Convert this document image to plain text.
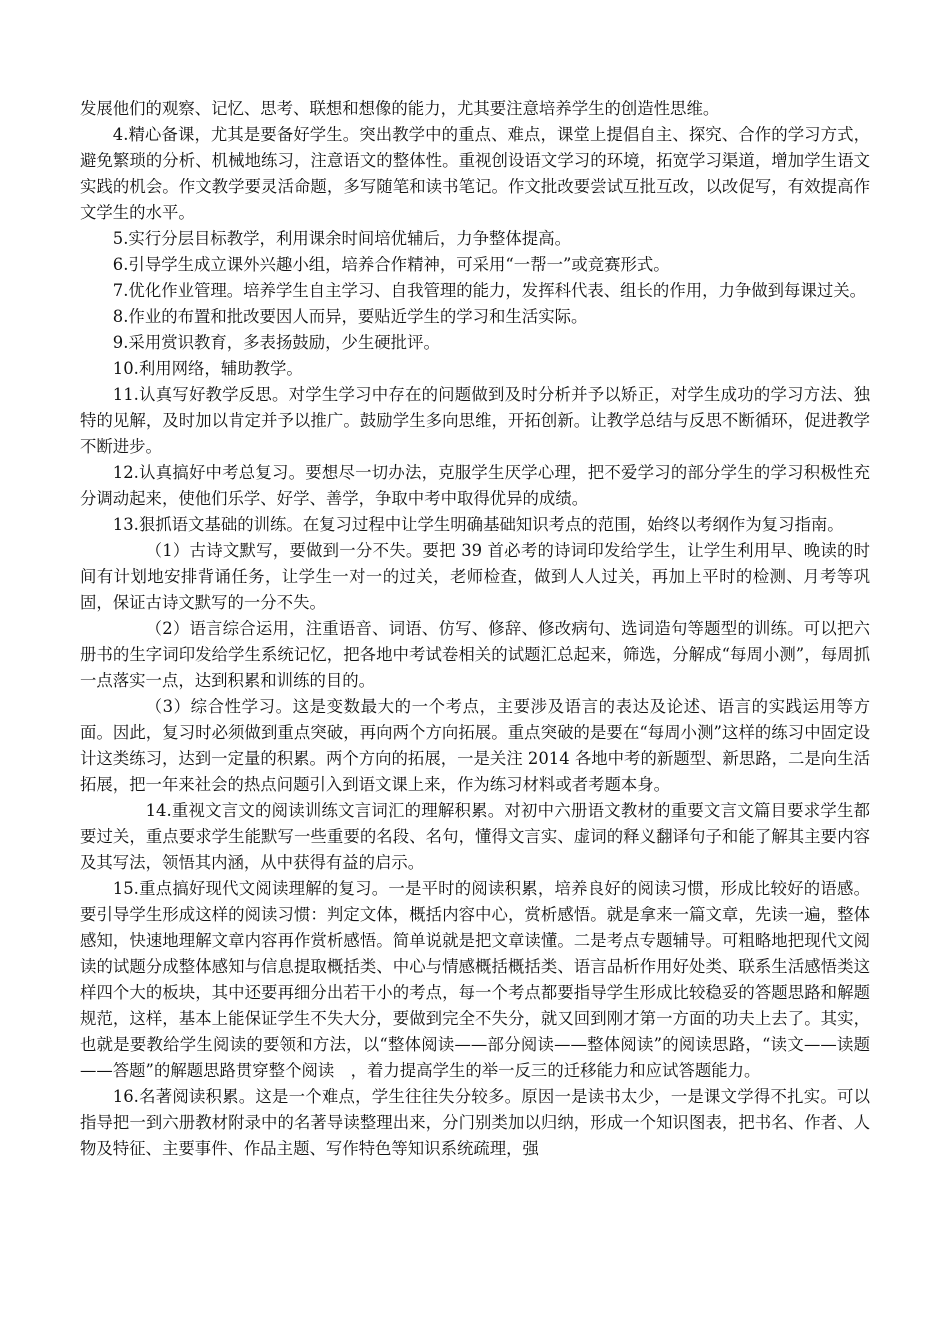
发展他们的观察、记忆、思考、联想和想像的能力，尤其要注意培养学生的创造性思维。

4.精心备课，尤其是要备好学生。突出教学中的重点、难点，课堂上提倡自主、探究、合作的学习方式，避免繁琐的分析、机械地练习，注意语文的整体性。重视创设语文学习的环境，拓宽学习渠道，增加学生语文实践的机会。作文教学要灵活命题，多写随笔和读书笔记。作文批改要尝试互批互改，以改促写，有效提高作文学生的水平。

5.实行分层目标教学，利用课余时间培优辅后，力争整体提高。

6.引导学生成立课外兴趣小组，培养合作精神，可采用“一帮一”或竞赛形式。

7.优化作业管理。培养学生自主学习、自我管理的能力，发挥科代表、组长的作用，力争做到每课过关。

8.作业的布置和批改要因人而异，要贴近学生的学习和生活实际。

9.采用赏识教育，多表扬鼓励，少生硬批评。

10.利用网络，辅助教学。

11.认真写好教学反思。对学生学习中存在的问题做到及时分析并予以矫正，对学生成功的学习方法、独特的见解，及时加以肯定并予以推广。鼓励学生多向思维，开拓创新。让教学总结与反思不断循环，促进教学不断进步。

12.认真搞好中考总复习。要想尽一切办法，克服学生厌学心理，把不爱学习的部分学生的学习积极性充分调动起来，使他们乐学、好学、善学，争取中考中取得优异的成绩。

13.狠抓语文基础的训练。在复习过程中让学生明确基础知识考点的范围，始终以考纲作为复习指南。

（1）古诗文默写，要做到一分不失。要把 39 首必考的诗词印发给学生，让学生利用早、晚读的时间有计划地安排背诵任务，让学生一对一的过关，老师检查，做到人人过关，再加上平时的检测、月考等巩固，保证古诗文默写的一分不失。

（2）语言综合运用，注重语音、词语、仿写、修辞、修改病句、选词造句等题型的训练。可以把六册书的生字词印发给学生系统记忆，把各地中考试卷相关的试题汇总起来，筛选，分解成“每周小测”，每周抓一点落实一点，达到积累和训练的目的。

（3）综合性学习。这是变数最大的一个考点，主要涉及语言的表达及论述、语言的实践运用等方面。因此，复习时必须做到重点突破，再向两个方向拓展。重点突破的是要在“每周小测”这样的练习中固定设计这类练习，达到一定量的积累。两个方向的拓展，一是关注 2014 各地中考的新题型、新思路，二是向生活拓展，把一年来社会的热点问题引入到语文课上来，作为练习材料或者考题本身。

14.重视文言文的阅读训练文言词汇的理解积累。对初中六册语文教材的重要文言文篇目要求学生都要过关，重点要求学生能默写一些重要的名段、名句，懂得文言实、虚词的释义翻译句子和能了解其主要内容及其写法，领悟其内涵，从中获得有益的启示。

15.重点搞好现代文阅读理解的复习。一是平时的阅读积累，培养良好的阅读习惯，形成比较好的语感。要引导学生形成这样的阅读习惯：判定文体，概括内容中心，赏析感悟。就是拿来一篇文章，先读一遍，整体感知，快速地理解文章内容再作赏析感悟。简单说就是把文章读懂。二是考点专题辅导。可粗略地把现代文阅读的试题分成整体感知与信息提取概括类、中心与情感概括概括类、语言品析作用好处类、联系生活感悟类这样四个大的板块，其中还要再细分出若干小的考点，每一个考点都要指导学生形成比较稳妥的答题思路和解题规范，这样，基本上能保证学生不失大分，要做到完全不失分，就又回到刚才第一方面的功夫上去了。其实，也就是要教给学生阅读的要领和方法，以“整体阅读——部分阅读——整体阅读”的阅读思路，“读文——读题——答题”的解题思路贯穿整个阅读　，着力提高学生的举一反三的迁移能力和应试答题能力。

16.名著阅读积累。这是一个难点，学生往往失分较多。原因一是读书太少，一是课文学得不扎实。可以指导把一到六册教材附录中的名著导读整理出来，分门别类加以归纳，形成一个知识图表，把书名、作者、人物及特征、主要事件、作品主题、写作特色等知识系统疏理，强
